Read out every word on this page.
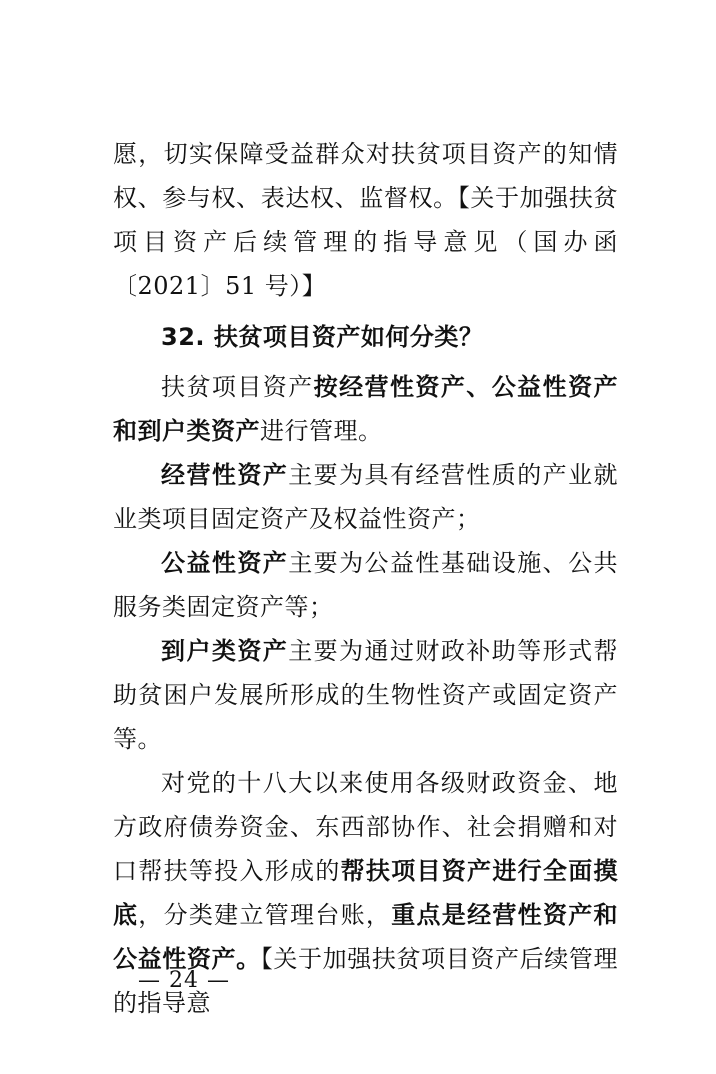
愿，切实保障受益群众对扶贫项目资产的知情权、参与权、表达权、监督权。【关于加强扶贫项目资产后续管理的指导意见（国办函〔2021〕51 号）】

32. 扶贫项目资产如何分类？

扶贫项目资产按经营性资产、公益性资产和到户类资产进行管理。

经营性资产主要为具有经营性质的产业就业类项目固定资产及权益性资产；

公益性资产主要为公益性基础设施、公共服务类固定资产等；

到户类资产主要为通过财政补助等形式帮助贫困户发展所形成的生物性资产或固定资产等。

对党的十八大以来使用各级财政资金、地方政府债券资金、东西部协作、社会捐赠和对口帮扶等投入形成的帮扶项目资产进行全面摸底，分类建立管理台账，重点是经营性资产和公益性资产。【关于加强扶贫项目资产后续管理的指导意

— 24 —
